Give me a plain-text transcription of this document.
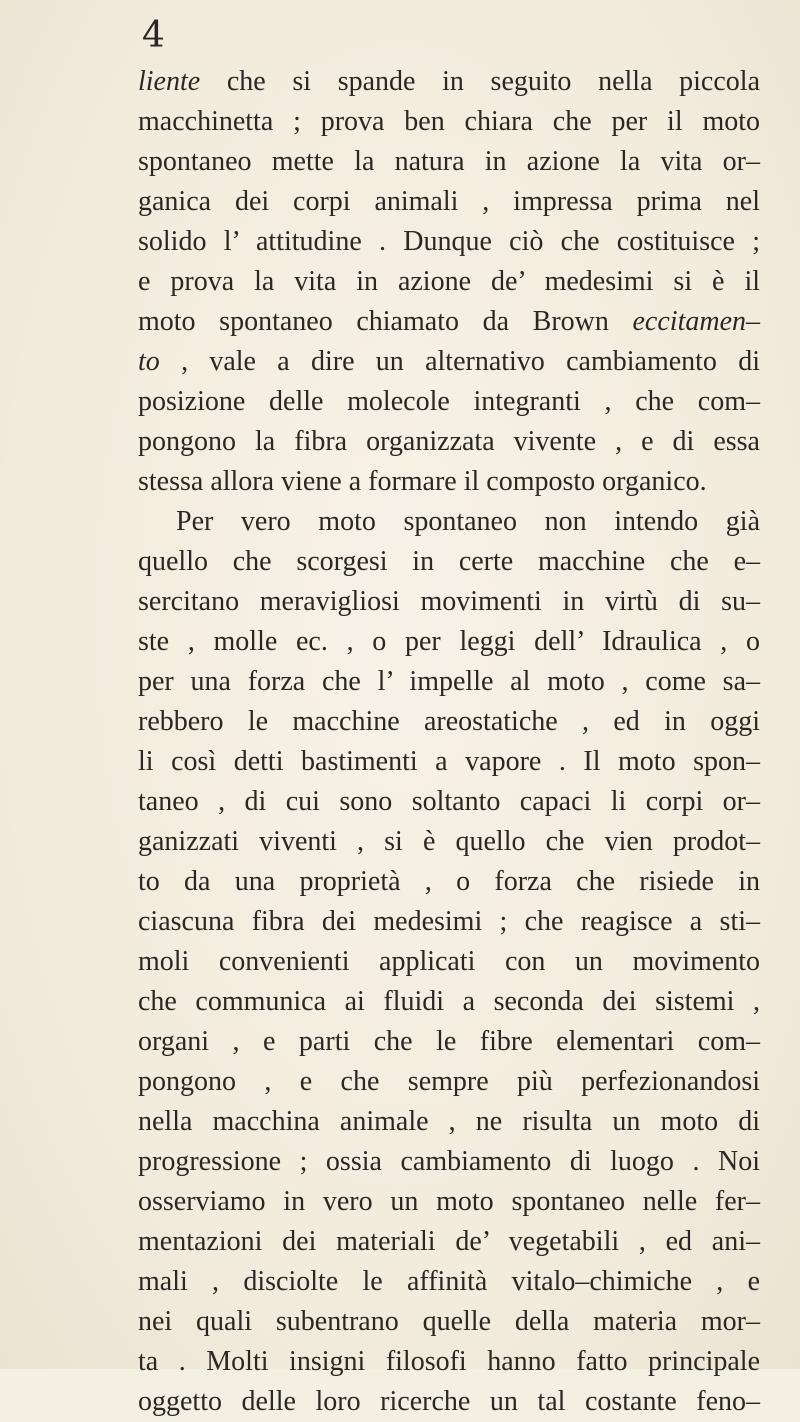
4

liente che si spande in seguito nella piccola
macchinetta ; prova ben chiara che per il moto
spontaneo mette la natura in azione la vita or–
ganica dei corpi animali , impressa prima nel
solido l’ attitudine . Dunque ciò che costituisce ;
e prova la vita in azione de’ medesimi si è il
moto spontaneo chiamato da Brown eccitamen–
to , vale a dire un alternativo cambiamento di
posizione delle molecole integranti , che com–
pongono la fibra organizzata vivente , e di essa
stessa allora viene a formare il composto organico.
Per vero moto spontaneo non intendo già
quello che scorgesi in certe macchine che e–
sercitano meravigliosi movimenti in virtù di su–
ste , molle ec. , o per leggi dell’ Idraulica , o
per una forza che l’ impelle al moto , come sa–
rebbero le macchine areostatiche , ed in oggi
li così detti bastimenti a vapore . Il moto spon–
taneo , di cui sono soltanto capaci li corpi or–
ganizzati viventi , si è quello che vien prodot–
to da una proprietà , o forza che risiede in
ciascuna fibra dei medesimi ; che reagisce a sti–
moli convenienti applicati con un movimento
che communica ai fluidi a seconda dei sistemi ,
organi , e parti che le fibre elementari com–
pongono , e che sempre più perfezionandosi
nella macchina animale , ne risulta un moto di
progressione ; ossia cambiamento di luogo . Noi
osserviamo in vero un moto spontaneo nelle fer–
mentazioni dei materiali de’ vegetabili , ed ani–
mali , disciolte le affinità vitalo–chimiche , e
nei quali subentrano quelle della materia mor–
ta . Molti insigni filosofi hanno fatto principale
oggetto delle loro ricerche un tal costante feno–
